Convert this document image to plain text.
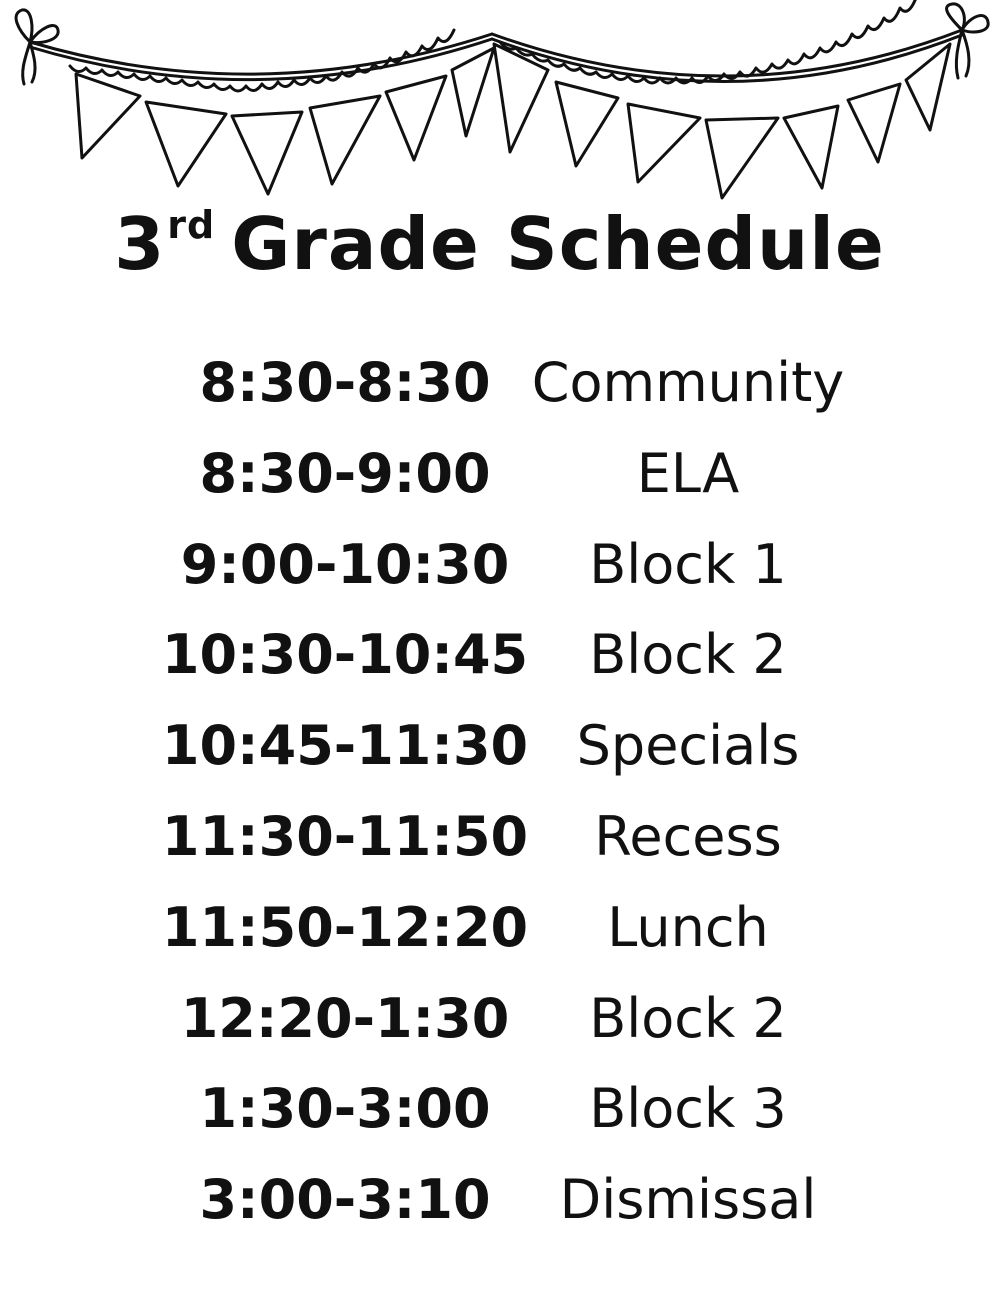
3rd Grade Schedule
8:30-8:30 Community
8:30-9:00	ELA
9:00-10:30 Block 1
10:30-10:45 Block 2
10:45-11:30 Specials
11:30-11:50 Recess
11:50-12:20 Lunch
12:20-1:30 Block 2
1:30-3:00 Block 3
3:00-3:10 Dismissal
